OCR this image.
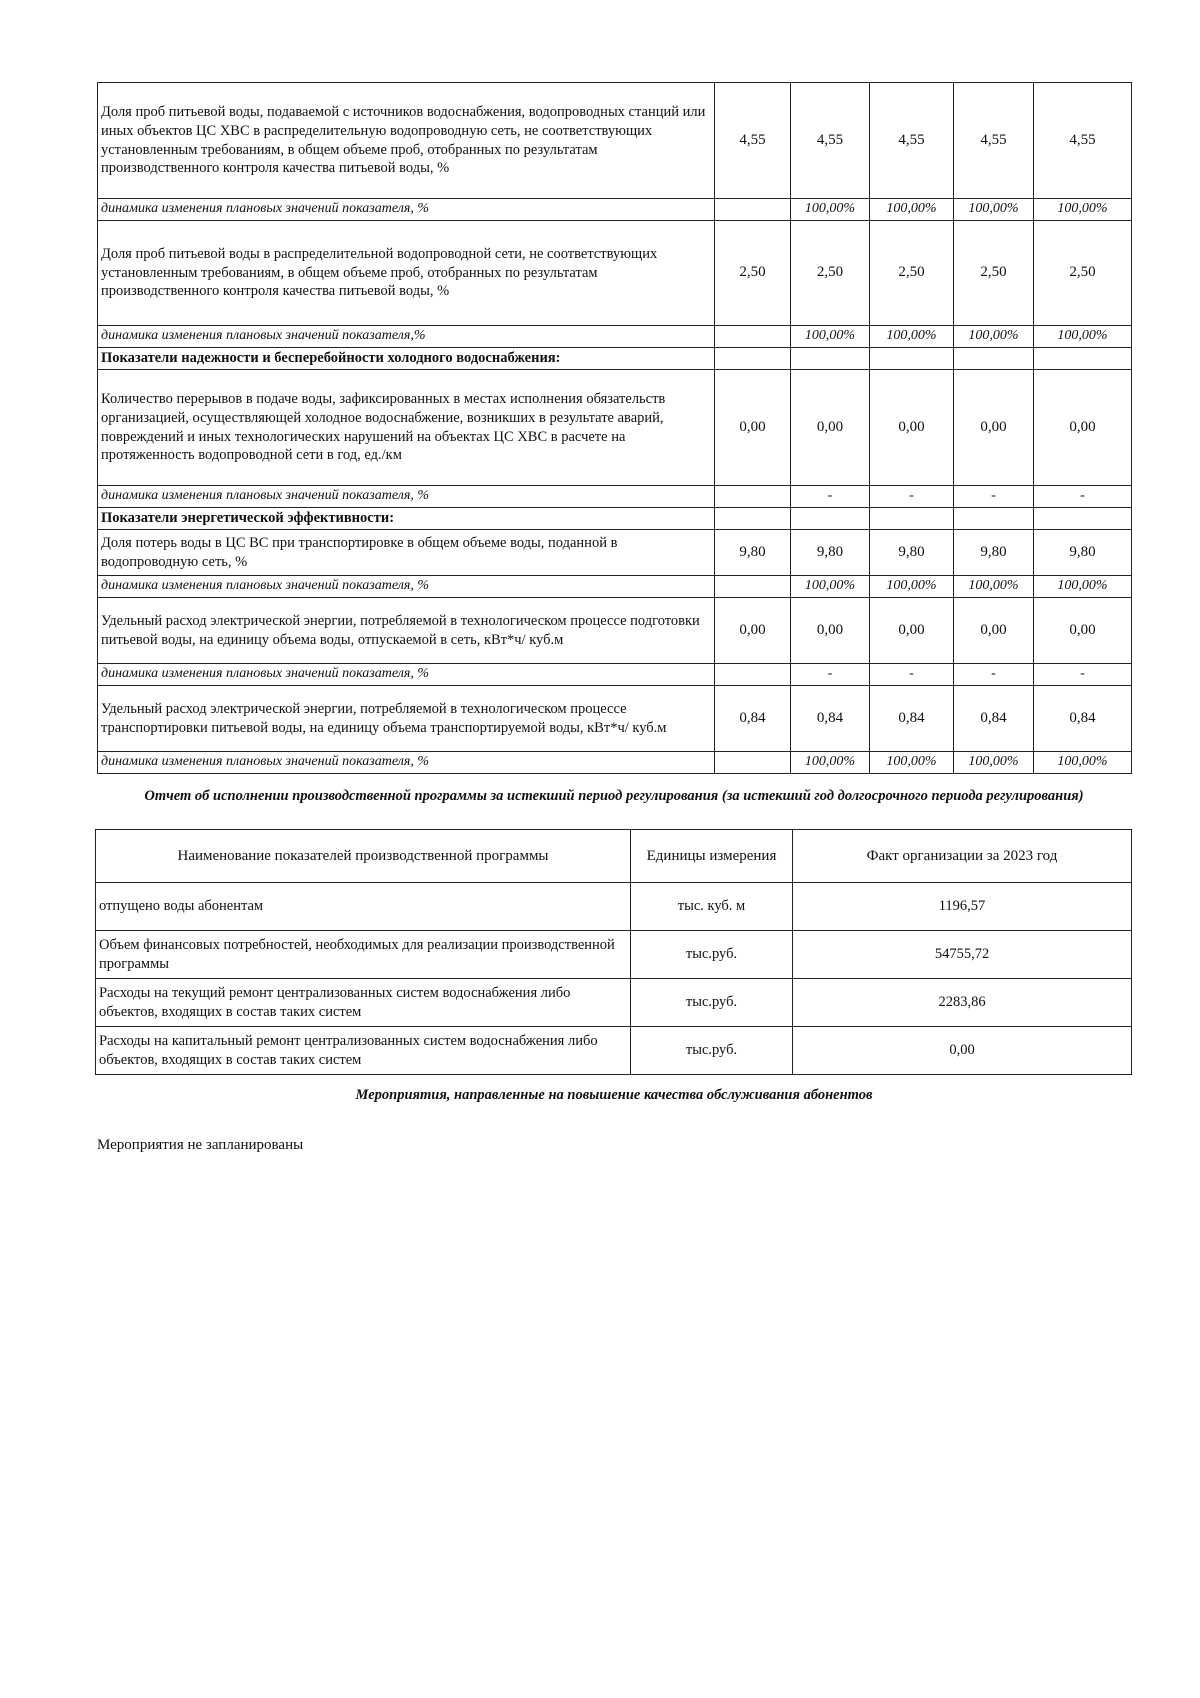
Доля проб питьевой воды, подаваемой с источников водоснабжения, водопроводных станций или иных объектов ЦС ХВС в распределительную водопроводную сеть, не соответствующих установленным требованиям, в общем объеме проб, отобранных по результатам производственного контроля качества питьевой воды, %	4,55	4,55	4,55	4,55	4,55
динамика изменения плановых значений показателя, %		100,00%	100,00%	100,00%	100,00%
Доля проб питьевой воды в распределительной водопроводной сети, не соответствующих установленным требованиям, в общем объеме проб, отобранных по результатам производственного контроля качества питьевой воды, %	2,50	2,50	2,50	2,50	2,50
динамика изменения плановых значений показателя,%		100,00%	100,00%	100,00%	100,00%
Показатели надежности и бесперебойности холодного водоснабжения:					
Количество перерывов в подаче воды, зафиксированных в местах исполнения обязательств организацией, осуществляющей холодное водоснабжение, возникших в результате аварий, повреждений и иных технологических нарушений на объектах ЦС ХВС в расчете на протяженность водопроводной сети в год, ед./км	0,00	0,00	0,00	0,00	0,00
динамика изменения плановых значений показателя, %		-	-	-	-
Показатели энергетической эффективности:					
Доля потерь воды в ЦС ВС при транспортировке в общем объеме воды, поданной в водопроводную сеть, %	9,80	9,80	9,80	9,80	9,80
динамика изменения плановых значений показателя, %		100,00%	100,00%	100,00%	100,00%
Удельный расход электрической энергии, потребляемой в технологическом процессе подготовки питьевой воды, на единицу объема воды, отпускаемой в сеть, кВт*ч/ куб.м	0,00	0,00	0,00	0,00	0,00
динамика изменения плановых значений показателя, %		-	-	-	-
Удельный расход электрической энергии, потребляемой в технологическом процессе транспортировки питьевой воды, на единицу объема транспортируемой воды, кВт*ч/ куб.м	0,84	0,84	0,84	0,84	0,84
динамика изменения плановых значений показателя, %		100,00%	100,00%	100,00%	100,00%
Отчет об исполнении производственной программы за истекший период регулирования (за истекший год долгосрочного периода регулирования)
Наименование показателей производственной программы	Единицы измерения	Факт организации за 2023 год
отпущено воды абонентам	тыс. куб. м	1196,57
Объем финансовых потребностей, необходимых для реализации производственной программы	тыс.руб.	54755,72
Расходы на текущий ремонт централизованных систем водоснабжения либо объектов, входящих в состав таких систем	тыс.руб.	2283,86
Расходы на капитальный ремонт централизованных систем водоснабжения либо объектов, входящих в состав таких систем	тыс.руб.	0,00
Мероприятия, направленные на повышение качества обслуживания абонентов
Мероприятия не запланированы
